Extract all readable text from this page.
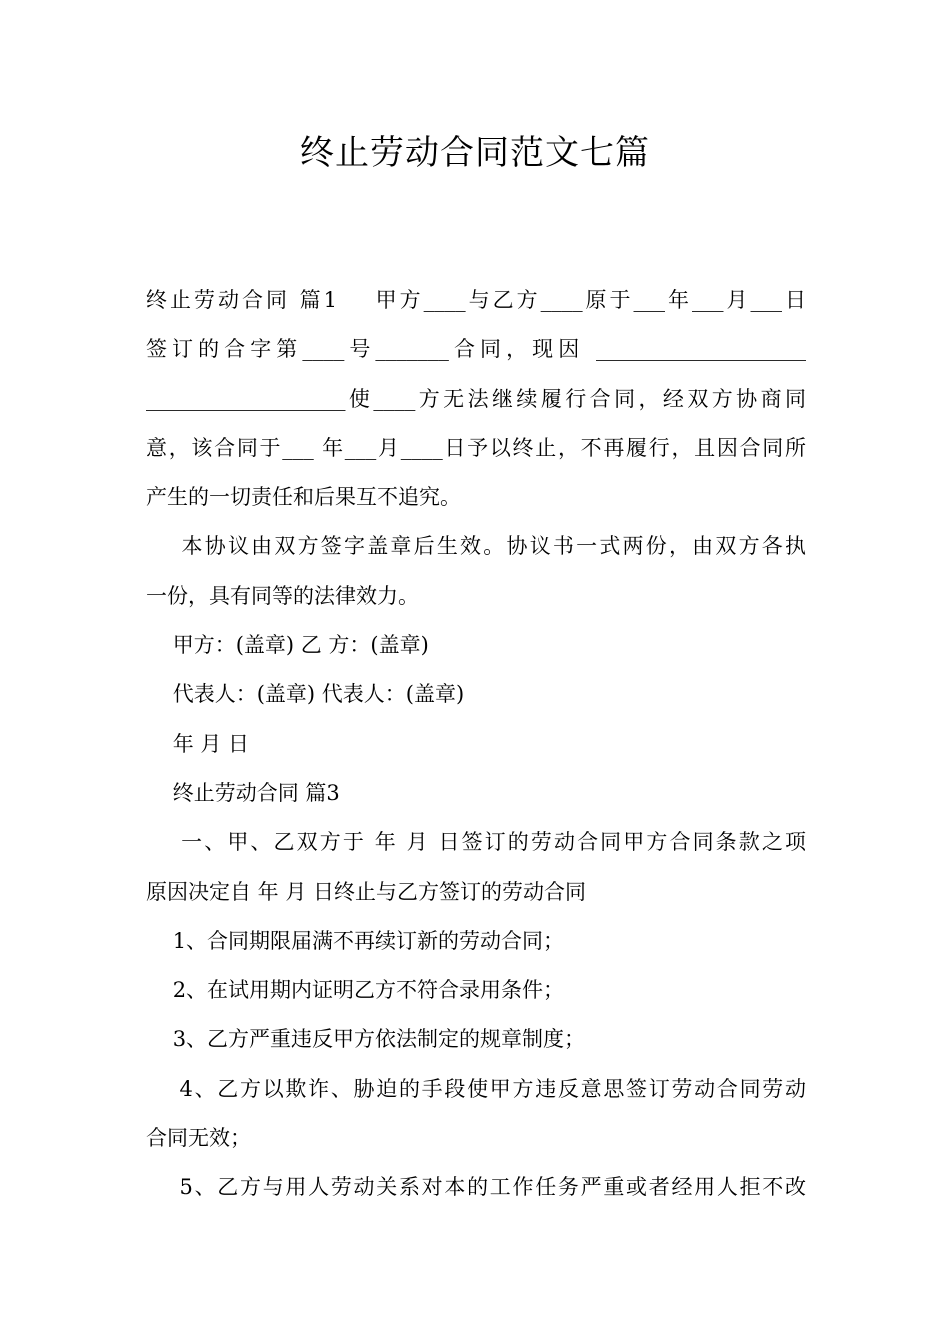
终止劳动合同范文七篇
终止劳动合同 篇1    甲方____与乙方____原于___年___月___日
签订的合字第____号_______合同，现因 ____________________
___________________使____方无法继续履行合同，经双方协商同
意，该合同于___ 年___月____日予以终止，不再履行，且因合同所
产生的一切责任和后果互不追究。
本协议由双方签字盖章后生效。协议书一式两份，由双方各执
一份，具有同等的法律效力。
甲方：(盖章) 乙 方：(盖章)
代表人：(盖章) 代表人：(盖章)
年 月 日
终止劳动合同 篇3
一、甲、乙双方于 年 月 日签订的劳动合同甲方合同条款之项
原因决定自 年 月 日终止与乙方签订的劳动合同
1、合同期限届满不再续订新的劳动合同；
2、在试用期内证明乙方不符合录用条件；
3、乙方严重违反甲方依法制定的规章制度；
4、乙方以欺诈、胁迫的手段使甲方违反意思签订劳动合同劳动
合同无效；
5、乙方与用人劳动关系对本的工作任务严重或者经用人拒不改
